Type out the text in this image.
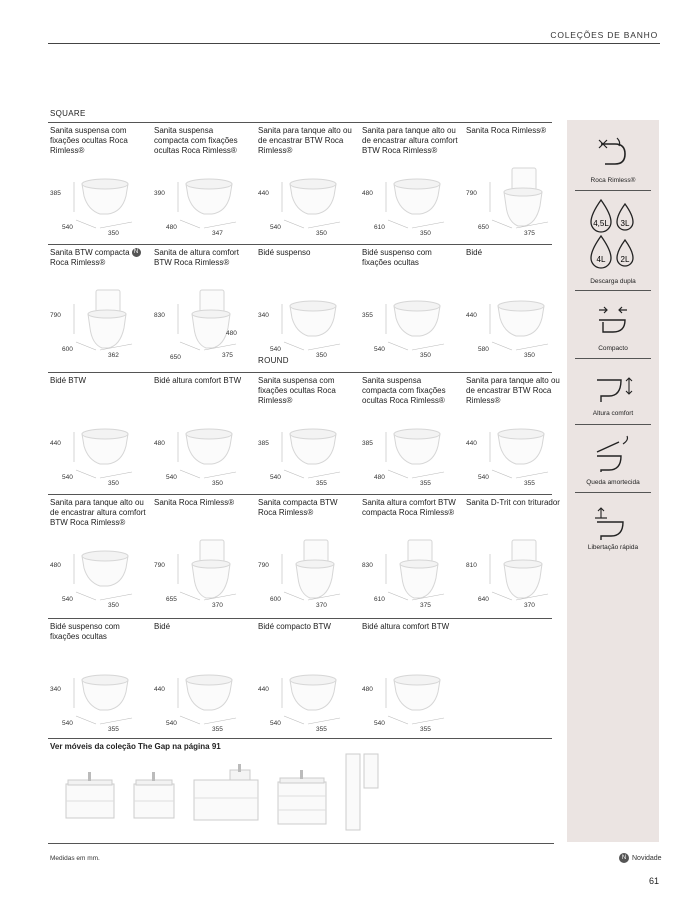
COLEÇÕES DE BANHO
SQUARE
ROUND
Sanita suspensa com fixações ocultas Roca Rimless®
385
540
350
Sanita suspensa compacta com fixações ocultas Roca Rimless®
390
480
347
Sanita para tanque alto ou de encastrar BTW Roca Rimless®
440
540
350
Sanita para tanque alto ou de encastrar altura comfort BTW Roca Rimless®
480
610
350
Sanita Roca Rimless®
790
650
375
Sanita BTW compacta N
Roca Rimless®
790
600
362
Sanita de altura comfort BTW Roca Rimless®
830
480
650	375
Bidé suspenso
340
540
350
Bidé suspenso com fixações ocultas
355
540
350
Bidé
440
580
350
Bidé BTW
440
540
350
Bidé altura comfort BTW
480
540
350
Sanita suspensa com fixações ocultas Roca Rimless®
385
540
355
Sanita suspensa compacta com fixações ocultas Roca Rimless®
385
480
355
Sanita para tanque alto ou de encastrar BTW Roca Rimless®
440
540
355
Sanita para tanque alto ou de encastrar altura comfort BTW Roca Rimless®
480
540
350
Sanita Roca Rimless®
790
655
370
Sanita compacta BTW Roca Rimless®
790
600
370
Sanita altura comfort BTW compacta Roca Rimless®
830
610
375
Sanita D-Trit con triturador
810
640
370
Bidé suspenso com fixações ocultas
340
540
355
Bidé
440
540
355
Bidé compacto BTW
440
540
355
Bidé altura comfort BTW
480
540
355
Ver móveis da coleção The Gap na página 91
Medidas em mm.	N Novidade
61
Roca Rimless®
4,5L 3L
4L 2L
Descarga dupla
Compacto
Altura comfort
Queda amortecida
Libertação rápida
